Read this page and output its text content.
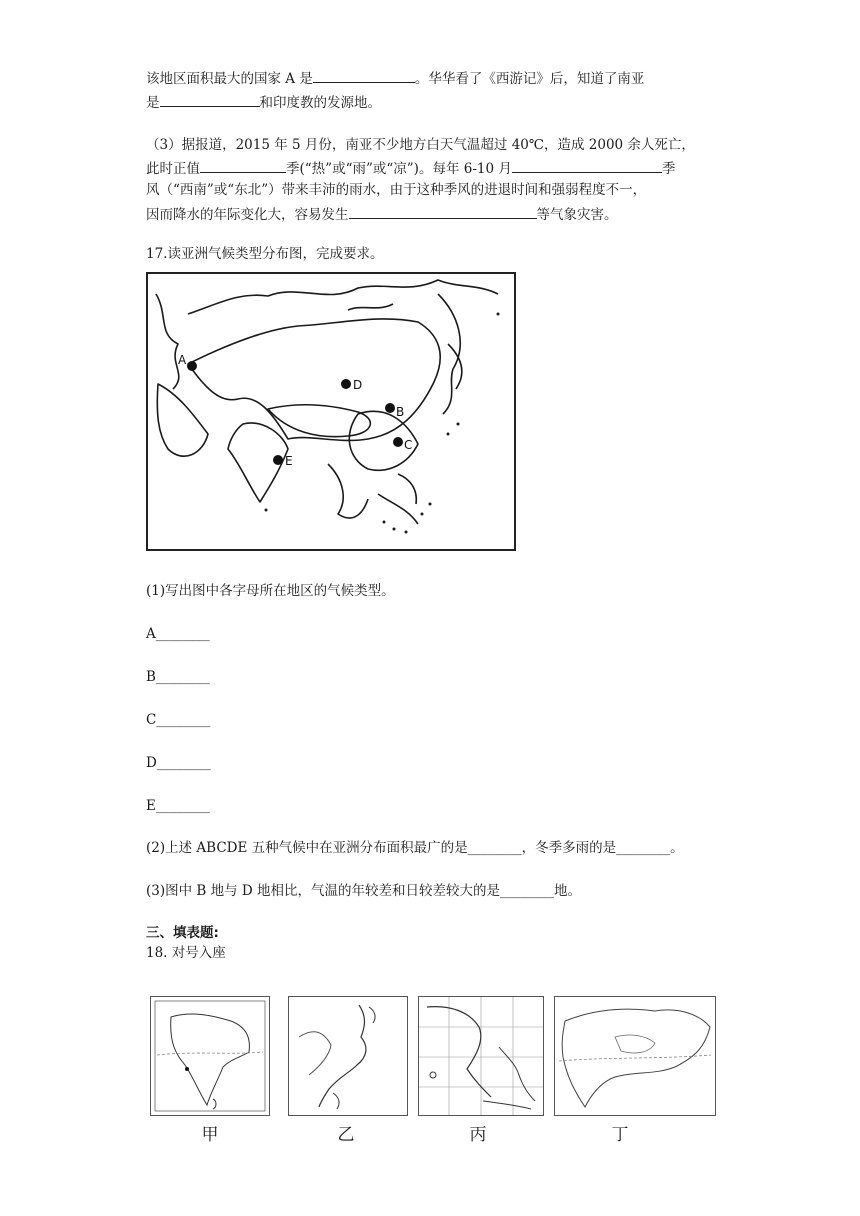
该地区面积最大的国家 A 是	。华华看了《西游记》后，知道了南亚
是	和印度教的发源地。
（3）据报道，2015 年 5 月份，南亚不少地方白天气温超过 40℃，造成 2000 余人死亡，
此时正值	季(“热”或“雨”或“凉”)。每年 6-10 月	季
风（“西南”或“东北”）带来丰沛的雨水，由于这种季风的进退时间和强弱程度不一，
因而降水的年际变化大，容易发生	等气象灾害。
17.读亚洲气候类型分布图，完成要求。
A
B
C
D
E
(1)写出图中各字母所在地区的气候类型。
A________
B________
C________
D________
E________
(2)上述 ABCDE 五种气候中在亚洲分布面积最广的是________，冬季多雨的是________。
(3)图中 B 地与 D 地相比，气温的年较差和日较差较大的是________地。
三、填表题:
18. 对号入座
甲	乙	丙	丁
